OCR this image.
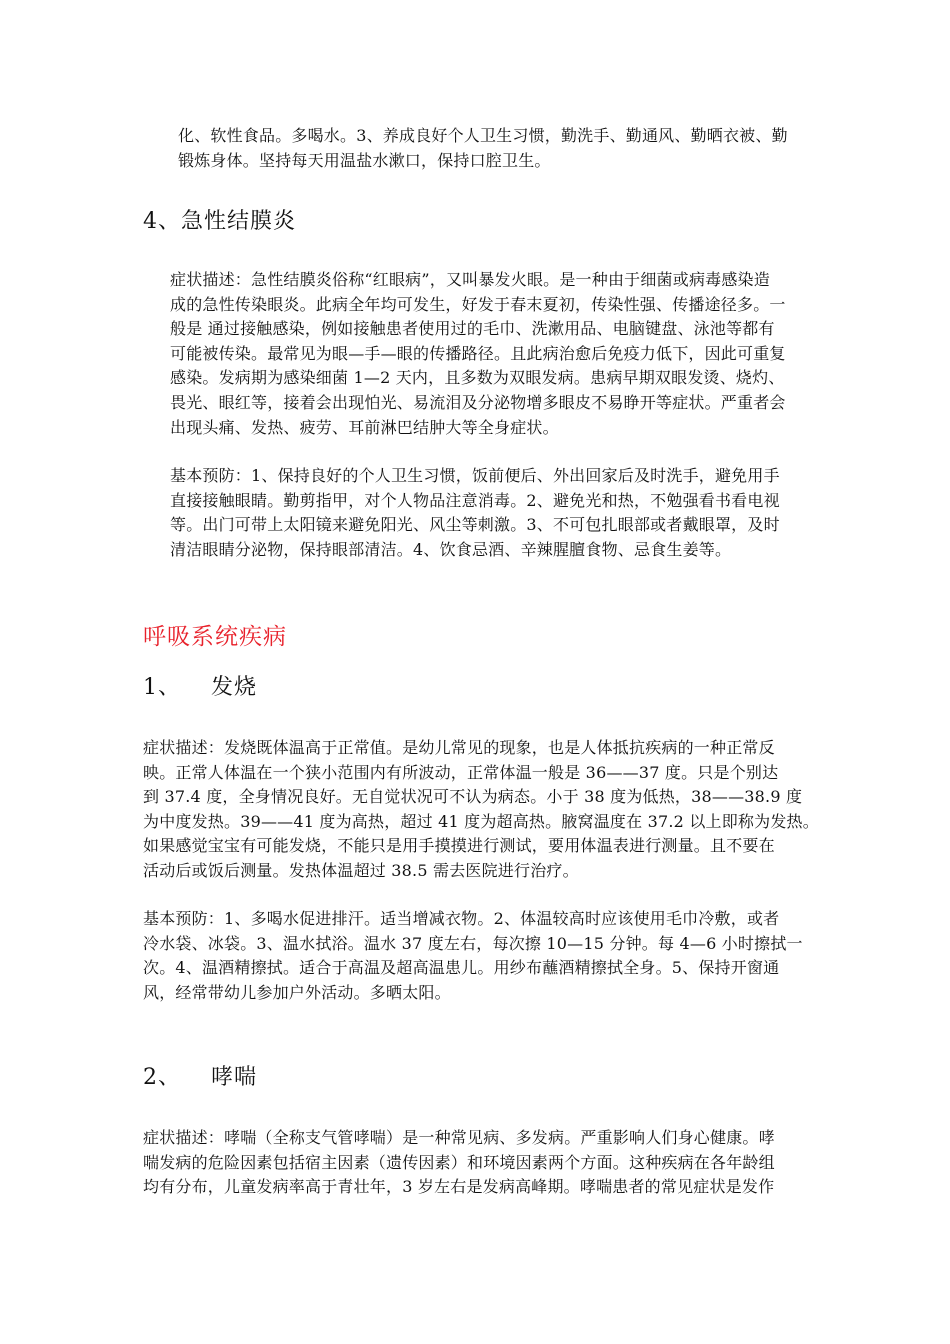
化、软性食品。多喝水。3、养成良好个人卫生习惯，勤洗手、勤通风、勤晒衣被、勤
锻炼身体。坚持每天用温盐水漱口，保持口腔卫生。
4、急性结膜炎
症状描述：急性结膜炎俗称“红眼病”，又叫暴发火眼。是一种由于细菌或病毒感染造
成的急性传染眼炎。此病全年均可发生，好发于春末夏初，传染性强、传播途径多。一
般是 通过接触感染，例如接触患者使用过的毛巾、洗漱用品、电脑键盘、泳池等都有
可能被传染。最常见为眼—手—眼的传播路径。且此病治愈后免疫力低下，因此可重复
感染。发病期为感染细菌 1—2 天内，且多数为双眼发病。患病早期双眼发烫、烧灼、
畏光、眼红等，接着会出现怕光、易流泪及分泌物增多眼皮不易睁开等症状。严重者会
出现头痛、发热、疲劳、耳前淋巴结肿大等全身症状。
基本预防：1、保持良好的个人卫生习惯，饭前便后、外出回家后及时洗手，避免用手
直接接触眼睛。勤剪指甲，对个人物品注意消毒。2、避免光和热，不勉强看书看电视
等。出门可带上太阳镜来避免阳光、风尘等刺激。3、不可包扎眼部或者戴眼罩，及时
清洁眼睛分泌物，保持眼部清洁。4、饮食忌酒、辛辣腥膻食物、忌食生姜等。
呼吸系统疾病
1、 发烧
症状描述：发烧既体温高于正常值。是幼儿常见的现象，也是人体抵抗疾病的一种正常反
映。正常人体温在一个狭小范围内有所波动，正常体温一般是 36——37 度。只是个别达
到 37.4 度，全身情况良好。无自觉状况可不认为病态。小于 38 度为低热，38——38.9 度
为中度发热。39——41 度为高热，超过 41 度为超高热。腋窝温度在 37.2 以上即称为发热。
如果感觉宝宝有可能发烧，不能只是用手摸摸进行测试，要用体温表进行测量。且不要在
活动后或饭后测量。发热体温超过 38.5 需去医院进行治疗。
基本预防：1、多喝水促进排汗。适当增减衣物。2、体温较高时应该使用毛巾冷敷，或者
冷水袋、冰袋。3、温水拭浴。温水 37 度左右，每次擦 10—15 分钟。每 4—6 小时擦拭一
次。4、温酒精擦拭。适合于高温及超高温患儿。用纱布蘸酒精擦拭全身。5、保持开窗通
风，经常带幼儿参加户外活动。多晒太阳。
2、 哮喘
症状描述：哮喘（全称支气管哮喘）是一种常见病、多发病。严重影响人们身心健康。哮
喘发病的危险因素包括宿主因素（遗传因素）和环境因素两个方面。这种疾病在各年龄组
均有分布，儿童发病率高于青壮年，3 岁左右是发病高峰期。哮喘患者的常见症状是发作
